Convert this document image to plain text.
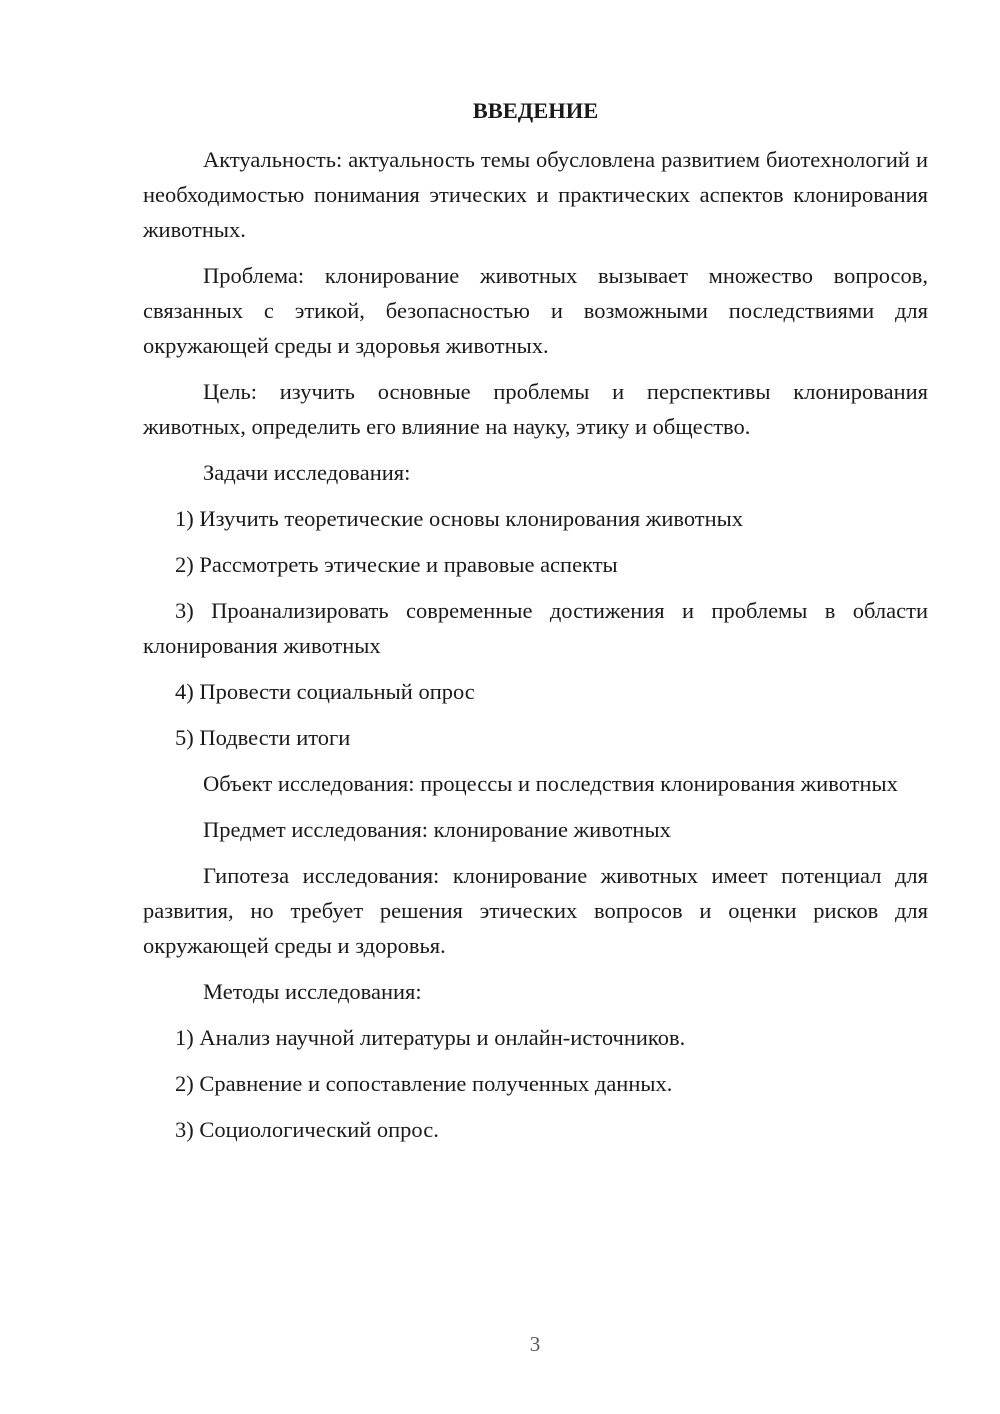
ВВЕДЕНИЕ

Актуальность: актуальность темы обусловлена развитием биотехнологий и необходимостью понимания этических и практических аспектов клонирования животных.

Проблема: клонирование животных вызывает множество вопросов, связанных с этикой, безопасностью и возможными последствиями для окружающей среды и здоровья животных.

Цель: изучить основные проблемы и перспективы клонирования животных, определить его влияние на науку, этику и общество.

Задачи исследования:

1) Изучить теоретические основы клонирования животных

2) Рассмотреть этические и правовые аспекты

3) Проанализировать современные достижения и проблемы в области клонирования животных

4) Провести социальный опрос

5) Подвести итоги

Объект исследования: процессы и последствия клонирования животных

Предмет исследования: клонирование животных

Гипотеза исследования: клонирование животных имеет потенциал для развития, но требует решения этических вопросов и оценки рисков для окружающей среды и здоровья.

Методы исследования:

1) Анализ научной литературы и онлайн-источников.

2) Сравнение и сопоставление полученных данных.

3) Социологический опрос.

3
